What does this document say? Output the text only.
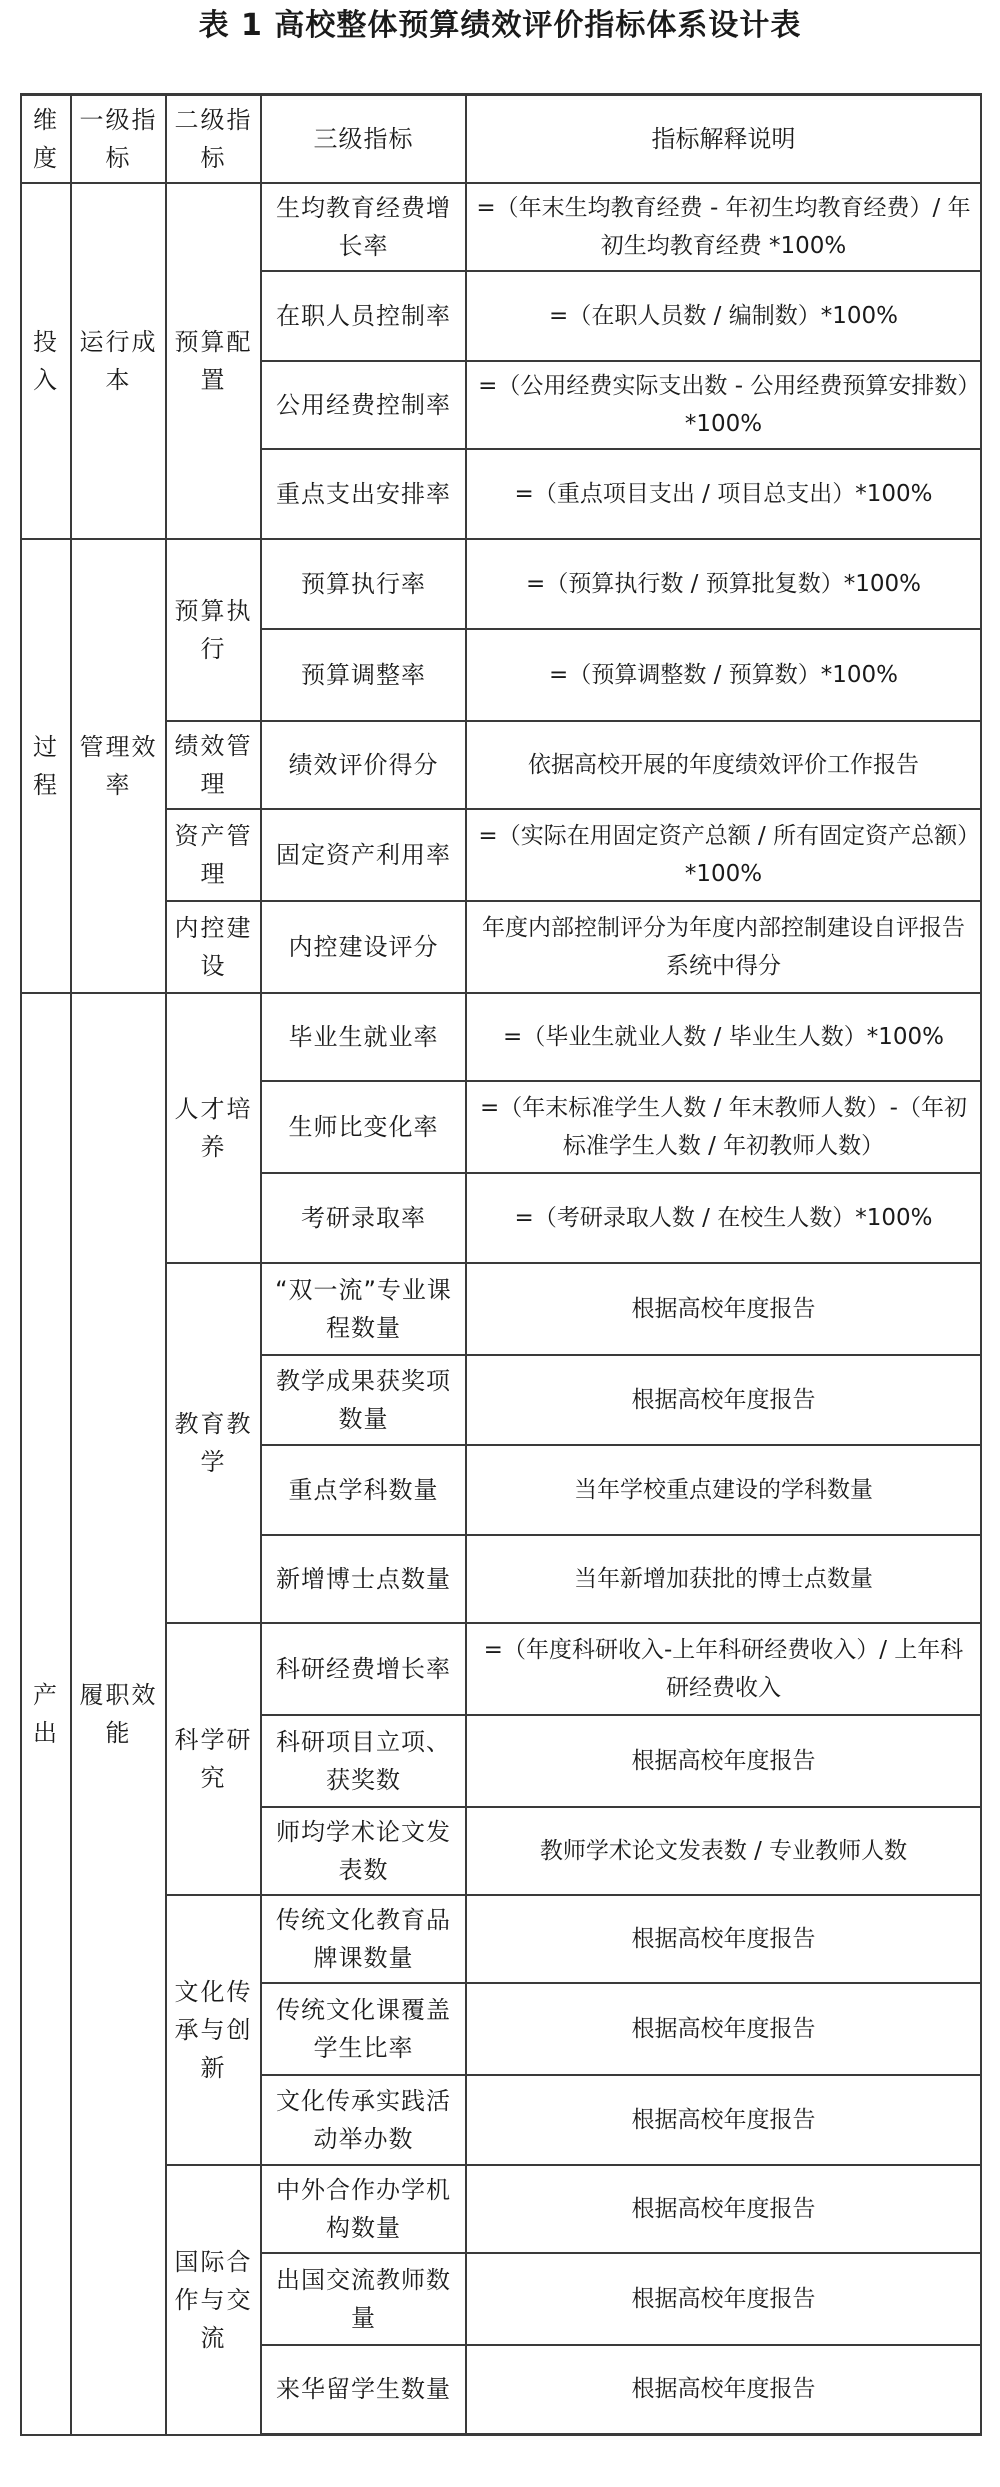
表 1 高校整体预算绩效评价指标体系设计表
维度	一级指标	二级指标	三级指标	指标解释说明
投入	运行成本	预算配置	生均教育经费增长率	=（年末生均教育经费 - 年初生均教育经费）/ 年初生均教育经费 *100%
			在职人员控制率	=（在职人员数 / 编制数）*100%
			公用经费控制率	=（公用经费实际支出数 - 公用经费预算安排数）*100%
			重点支出安排率	=（重点项目支出 / 项目总支出）*100%
过程	管理效率	预算执行	预算执行率	=（预算执行数 / 预算批复数）*100%
			预算调整率	=（预算调整数 / 预算数）*100%
		绩效管理	绩效评价得分	依据高校开展的年度绩效评价工作报告
		资产管理	固定资产利用率	=（实际在用固定资产总额 / 所有固定资产总额）*100%
		内控建设	内控建设评分	年度内部控制评分为年度内部控制建设自评报告系统中得分
产出	履职效能	人才培养	毕业生就业率	=（毕业生就业人数 / 毕业生人数）*100%
			生师比变化率	=（年末标准学生人数 / 年末教师人数）-（年初标准学生人数 / 年初教师人数）
			考研录取率	=（考研录取人数 / 在校生人数）*100%
		教育教学	“双一流”专业课程数量	根据高校年度报告
			教学成果获奖项数量	根据高校年度报告
			重点学科数量	当年学校重点建设的学科数量
			新增博士点数量	当年新增加获批的博士点数量
		科学研究	科研经费增长率	=（年度科研收入-上年科研经费收入）/ 上年科研经费收入
			科研项目立项、获奖数	根据高校年度报告
			师均学术论文发表数	教师学术论文发表数 / 专业教师人数
		文化传承与创新	传统文化教育品牌课数量	根据高校年度报告
			传统文化课覆盖学生比率	根据高校年度报告
			文化传承实践活动举办数	根据高校年度报告
		国际合作与交流	中外合作办学机构数量	根据高校年度报告
			出国交流教师数量	根据高校年度报告
			来华留学生数量	根据高校年度报告
